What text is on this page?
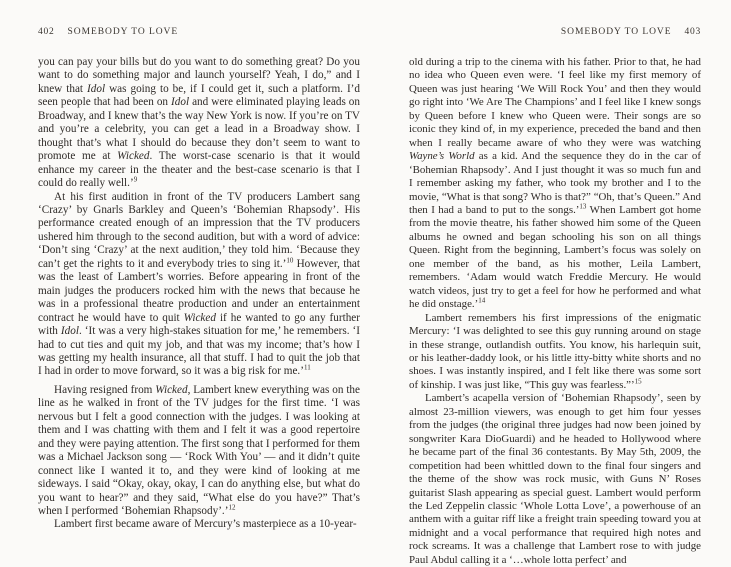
402 SOMEBODY TO LOVE

you can pay your bills but do you want to do something great? Do you want to do something major and launch yourself? Yeah, I do,” and I knew that Idol was going to be, if I could get it, such a platform. I’d seen people that had been on Idol and were eliminated playing leads on Broadway, and I knew that’s the way New York is now. If you’re on TV and you’re a celebrity, you can get a lead in a Broadway show. I thought that’s what I should do because they don’t seem to want to promote me at Wicked. The worst-case scenario is that it would enhance my career in the theater and the best-case scenario is that I could do really well.’$^9$

At his first audition in front of the TV producers Lambert sang ‘Crazy’ by Gnarls Barkley and Queen’s ‘Bohemian Rhapsody’. His performance created enough of an impression that the TV producers ushered him through to the second audition, but with a word of advice: ‘Don’t sing ‘Crazy’ at the next audition,’ they told him. ‘Because they can’t get the rights to it and everybody tries to sing it.’$^{10}$ However, that was the least of Lambert’s worries. Before appearing in front of the main judges the producers rocked him with the news that because he was in a professional theatre production and under an entertainment contract he would have to quit Wicked if he wanted to go any further with Idol. ‘It was a very high-stakes situation for me,’ he remembers. ‘I had to cut ties and quit my job, and that was my income; that’s how I was getting my health insurance, all that stuff. I had to quit the job that I had in order to move forward, so it was a big risk for me.’$^{11}$

Having resigned from Wicked, Lambert knew everything was on the line as he walked in front of the TV judges for the first time. ‘I was nervous but I felt a good connection with the judges. I was looking at them and I was chatting with them and I felt it was a good repertoire and they were paying attention. The first song that I performed for them was a Michael Jackson song — ‘Rock With You’ — and it didn’t quite connect like I wanted it to, and they were kind of looking at me sideways. I said “Okay, okay, okay, I can do anything else, but what do you want to hear?” and they said, “What else do you have?” That’s when I performed ‘Bohemian Rhapsody’.’$^{12}$

Lambert first became aware of Mercury’s masterpiece as a 10-year-

SOMEBODY TO LOVE 403

old during a trip to the cinema with his father. Prior to that, he had no idea who Queen even were. ‘I feel like my first memory of Queen was just hearing ‘We Will Rock You’ and then they would go right into ‘We Are The Champions’ and I feel like I knew songs by Queen before I knew who Queen were. Their songs are so iconic they kind of, in my experience, preceded the band and then when I really became aware of who they were was watching Wayne’s World as a kid. And the sequence they do in the car of ‘Bohemian Rhapsody’. And I just thought it was so much fun and I remember asking my father, who took my brother and I to the movie, “What is that song? Who is that?” “Oh, that’s Queen.” And then I had a band to put to the songs.’$^{13}$ When Lambert got home from the movie theatre, his father showed him some of the Queen albums he owned and began schooling his son on all things Queen. Right from the beginning, Lambert’s focus was solely on one member of the band, as his mother, Leila Lambert, remembers. ‘Adam would watch Freddie Mercury. He would watch videos, just try to get a feel for how he performed and what he did onstage.’$^{14}$

Lambert remembers his first impressions of the enigmatic Mercury: ‘I was delighted to see this guy running around on stage in these strange, outlandish outfits. You know, his harlequin suit, or his leather-daddy look, or his little itty-bitty white shorts and no shoes. I was instantly inspired, and I felt like there was some sort of kinship. I was just like, “This guy was fearless.”’$^{15}$

Lambert’s acapella version of ‘Bohemian Rhapsody’, seen by almost 23-million viewers, was enough to get him four yesses from the judges (the original three judges had now been joined by songwriter Kara DioGuardi) and he headed to Hollywood where he became part of the final 36 contestants. By May 5th, 2009, the competition had been whittled down to the final four singers and the theme of the show was rock music, with Guns N’ Roses guitarist Slash appearing as special guest. Lambert would perform the Led Zeppelin classic ‘Whole Lotta Love’, a powerhouse of an anthem with a guitar riff like a freight train speeding toward you at midnight and a vocal performance that required high notes and rock screams. It was a challenge that Lambert rose to with judge Paul Abdul calling it a ‘…whole lotta perfect’ and
